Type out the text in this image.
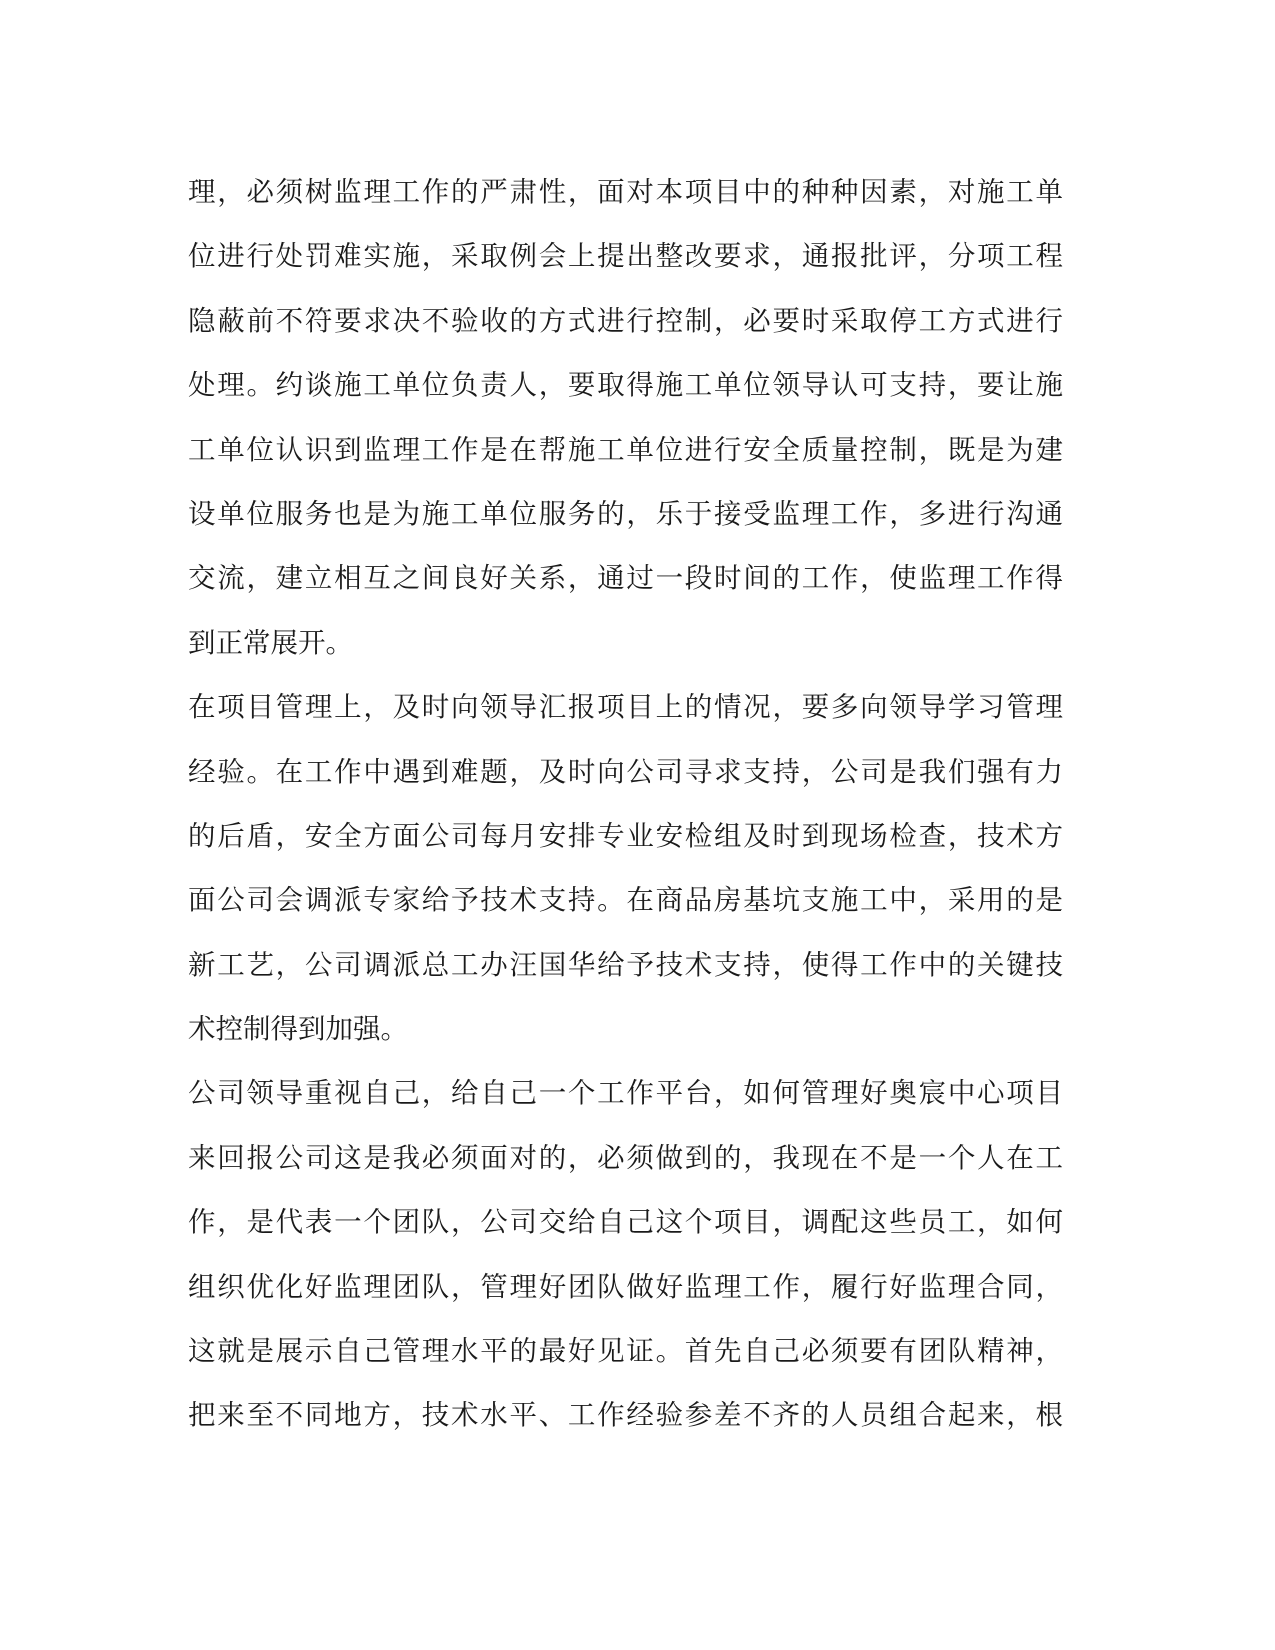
理，必须树监理工作的严肃性，面对本项目中的种种因素，对施工单
位进行处罚难实施，采取例会上提出整改要求，通报批评，分项工程
隐蔽前不符要求决不验收的方式进行控制，必要时采取停工方式进行
处理。约谈施工单位负责人，要取得施工单位领导认可支持，要让施
工单位认识到监理工作是在帮施工单位进行安全质量控制，既是为建
设单位服务也是为施工单位服务的，乐于接受监理工作，多进行沟通
交流，建立相互之间良好关系，通过一段时间的工作，使监理工作得
到正常展开。
在项目管理上，及时向领导汇报项目上的情况，要多向领导学习管理
经验。在工作中遇到难题，及时向公司寻求支持，公司是我们强有力
的后盾，安全方面公司每月安排专业安检组及时到现场检查，技术方
面公司会调派专家给予技术支持。在商品房基坑支施工中，采用的是
新工艺，公司调派总工办汪国华给予技术支持，使得工作中的关键技
术控制得到加强。
公司领导重视自己，给自己一个工作平台，如何管理好奥宸中心项目
来回报公司这是我必须面对的，必须做到的，我现在不是一个人在工
作，是代表一个团队，公司交给自己这个项目，调配这些员工，如何
组织优化好监理团队，管理好团队做好监理工作，履行好监理合同，
这就是展示自己管理水平的最好见证。首先自己必须要有团队精神，
把来至不同地方，技术水平、工作经验参差不齐的人员组合起来，根
